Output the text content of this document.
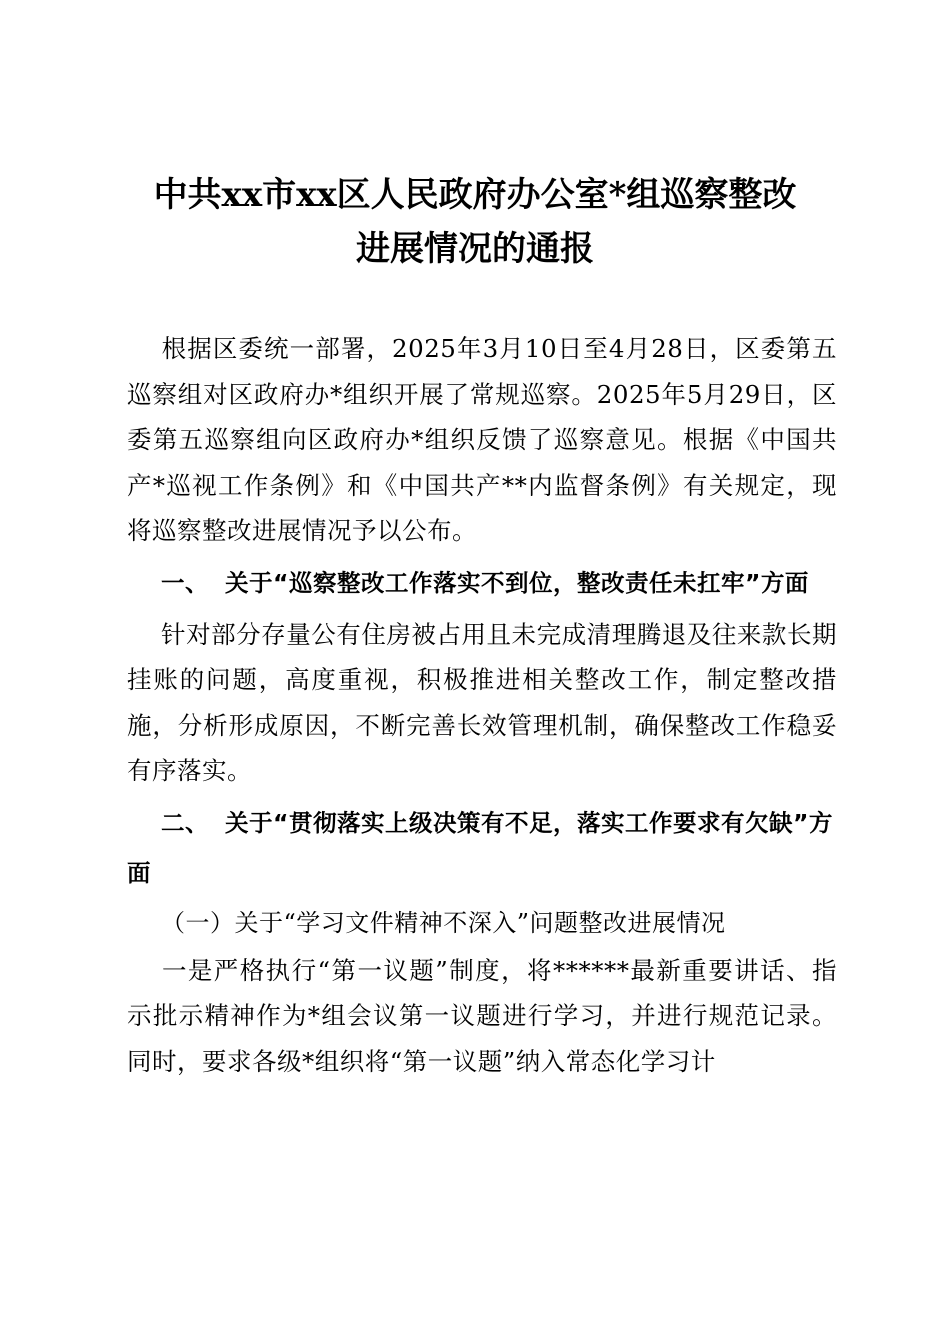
中共xx市xx区人民政府办公室*组巡察整改
进展情况的通报

根据区委统一部署，2025年3月10日至4月28日，区委第五巡察组对区政府办*组织开展了常规巡察。2025年5月29日，区委第五巡察组向区政府办*组织反馈了巡察意见。根据《中国共产*巡视工作条例》和《中国共产**内监督条例》有关规定，现将巡察整改进展情况予以公布。

一、 关于“巡察整改工作落实不到位，整改责任未扛牢”方面

针对部分存量公有住房被占用且未完成清理腾退及往来款长期挂账的问题，高度重视，积极推进相关整改工作，制定整改措施，分析形成原因，不断完善长效管理机制，确保整改工作稳妥有序落实。

二、 关于“贯彻落实上级决策有不足，落实工作要求有欠缺”方面

（一）关于“学习文件精神不深入”问题整改进展情况

一是严格执行“第一议题”制度，将******最新重要讲话、指示批示精神作为*组会议第一议题进行学习，并进行规范记录。同时，要求各级*组织将“第一议题”纳入常态化学习计
